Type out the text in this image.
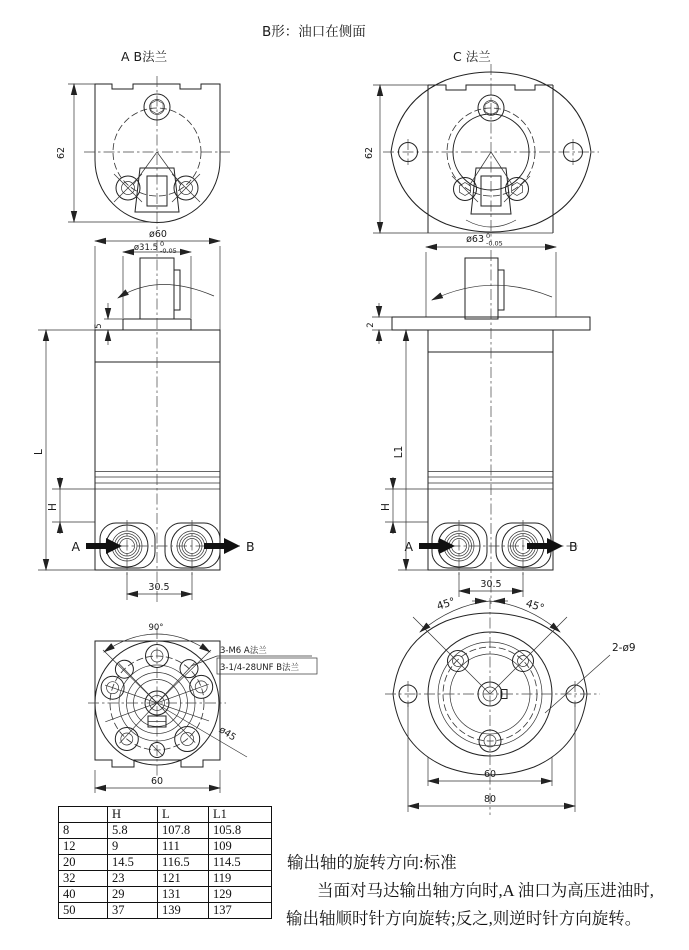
B形：油口在侧面
A B法兰	C 法兰
62	62
ø60
ø31.5 0
-0.05
5
L
H
A	B
30.5
ø63 0
-0.05
2
L1
H
A	B
30.5
90°
3-M6 A法兰
3-1/4-28UNF B法兰
ø45
60
45°	45°
2-ø9
60
80
	H	L	L1
8	5.8	107.8	105.8
12	9	111	109
20	14.5	116.5	114.5
32	23	121	119
40	29	131	129
50	37	139	137
输出轴的旋转方向:标准
当面对马达输出轴方向时,A 油口为高压进油时,
输出轴顺时针方向旋转;反之,则逆时针方向旋转。
